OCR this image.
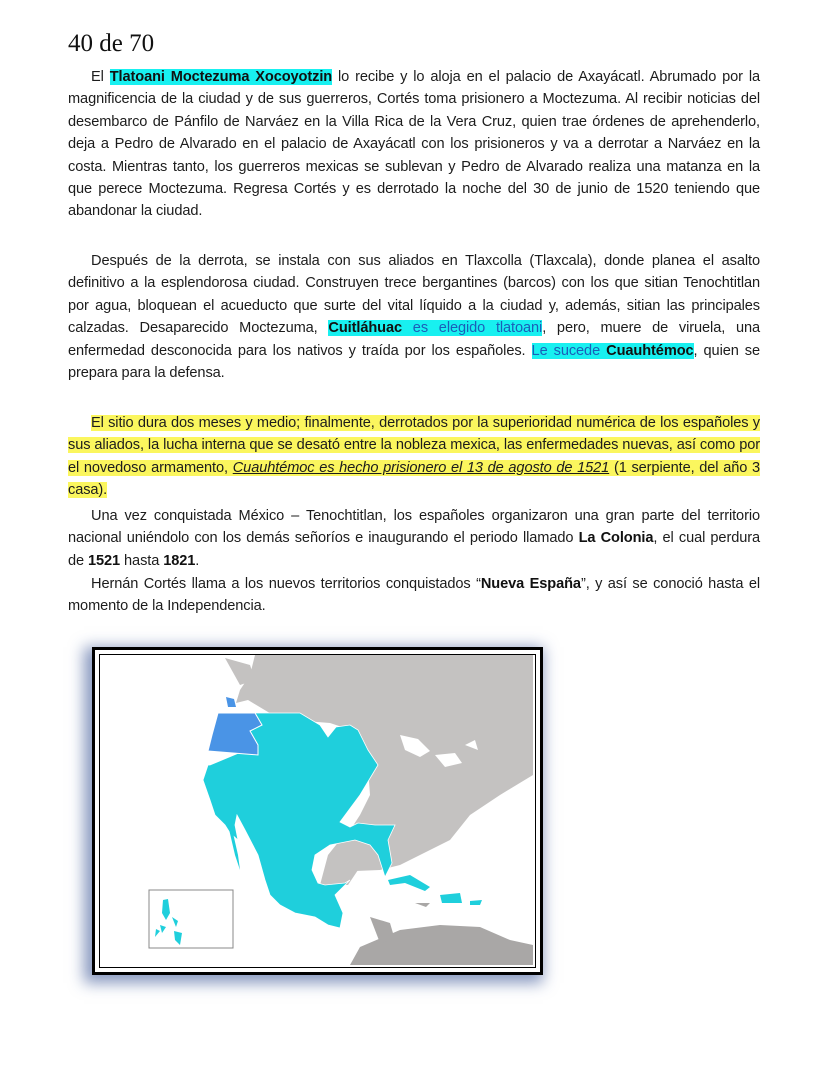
40 de 70

El Tlatoani Moctezuma Xocoyotzin lo recibe y lo aloja en el palacio de Axayácatl. Abrumado por la magnificencia de la ciudad y de sus guerreros, Cortés toma prisionero a Moctezuma. Al recibir noticias del desembarco de Pánfilo de Narváez en la Villa Rica de la Vera Cruz, quien trae órdenes de aprehenderlo, deja a Pedro de Alvarado en el palacio de Axayácatl con los prisioneros y va a derrotar a Narváez en la costa. Mientras tanto, los guerreros mexicas se sublevan y Pedro de Alvarado realiza una matanza en la que perece Moctezuma. Regresa Cortés y es derrotado la noche del 30 de junio de 1520 teniendo que abandonar la ciudad.

Después de la derrota, se instala con sus aliados en Tlaxcolla (Tlaxcala), donde planea el asalto definitivo a la esplendorosa ciudad. Construyen trece bergantines (barcos) con los que sitian Tenochtitlan por agua, bloquean el acueducto que surte del vital líquido a la ciudad y, además, sitian las principales calzadas. Desaparecido Moctezuma, Cuitláhuac es elegido tlatoani, pero, muere de viruela, una enfermedad desconocida para los nativos y traída por los españoles. Le sucede Cuauhtémoc, quien se prepara para la defensa.

El sitio dura dos meses y medio; finalmente, derrotados por la superioridad numérica de los españoles y sus aliados, la lucha interna que se desató entre la nobleza mexica, las enfermedades nuevas, así como por el novedoso armamento, Cuauhtémoc es hecho prisionero el 13 de agosto de 1521 (1 serpiente, del año 3 casa).

Una vez conquistada México – Tenochtitlan, los españoles organizaron una gran parte del territorio nacional uniéndolo con los demás señoríos e inaugurando el periodo llamado La Colonia, el cual perdura de 1521 hasta 1821.

Hernán Cortés llama a los nuevos territorios conquistados “Nueva España”, y así se conoció hasta el momento de la Independencia.
